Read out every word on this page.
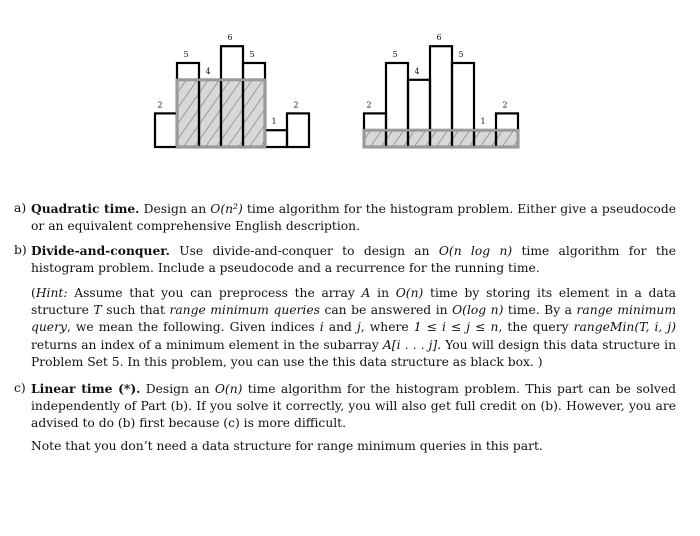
2
5
4
6
5
1
2	2
5
4
6
5
1
2
a) Quadratic time. Design an O(n²) time algorithm for the histogram problem. Either give a pseudocode or an equivalent comprehensive English description.
b) Divide-and-conquer. Use divide-and-conquer to design an O(n log n) time algorithm for the histogram problem. Include a pseudocode and a recurrence for the running time.
(Hint: Assume that you can preprocess the array A in O(n) time by storing its element in a data structure T such that range minimum queries can be answered in O(log n) time. By a range minimum query, we mean the following. Given indices i and j, where 1 ≤ i ≤ j ≤ n, the query rangeMin(T, i, j) returns an index of a minimum element in the subarray A[i . . . j]. You will design this data structure in Problem Set 5. In this problem, you can use the this data structure as black box. )
c) Linear time (*). Design an O(n) time algorithm for the histogram problem. This part can be solved independently of Part (b). If you solve it correctly, you will also get full credit on (b). However, you are advised to do (b) first because (c) is more difficult.
Note that you don’t need a data structure for range minimum queries in this part.
